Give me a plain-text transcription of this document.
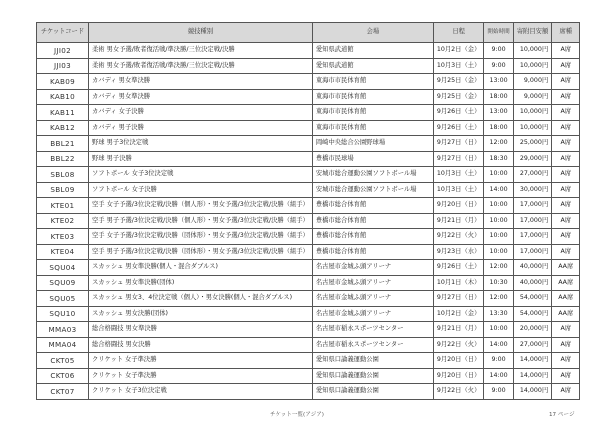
チケットコード	競技種別	会場	日程	開始時間	寄附目安額	席種
JJI02	柔術 男女予選/敗者復活戦/準決勝/三位決定戦/決勝	愛知県武道館	10月2日（金）	9:00	10,000円	A席
JJI03	柔術 男女予選/敗者復活戦/準決勝/三位決定戦/決勝	愛知県武道館	10月3日（土）	9:00	10,000円	A席
KAB09	カバディ 男女準決勝	東海市市民体育館	9月25日（金）	13:00	9,000円	A席
KAB10	カバディ 男女準決勝	東海市市民体育館	9月25日（金）	18:00	9,000円	A席
KAB11	カバディ 女子決勝	東海市市民体育館	9月26日（土）	13:00	10,000円	A席
KAB12	カバディ 男子決勝	東海市市民体育館	9月26日（土）	18:00	10,000円	A席
BBL21	野球 男子3位決定戦	岡崎中央総合公園野球場	9月27日（日）	12:00	25,000円	A席
BBL22	野球 男子決勝	豊橋市民球場	9月27日（日）	18:30	29,000円	A席
SBL08	ソフトボール 女子3位決定戦	安城市総合運動公園ソフトボール場	10月3日（土）	10:00	27,000円	A席
SBL09	ソフトボール 女子決勝	安城市総合運動公園ソフトボール場	10月3日（土）	14:00	30,000円	A席
KTE01	空手 女子予選/3位決定戦/決勝（個人形）・男女予選/3位決定戦/決勝（組手）	豊橋市総合体育館	9月20日（日）	10:00	17,000円	A席
KTE02	空手 男子予選/3位決定戦/決勝（個人形）・男女予選/3位決定戦/決勝（組手）	豊橋市総合体育館	9月21日（月）	10:00	17,000円	A席
KTE03	空手 女子予選/3位決定戦/決勝（団体形）・男女予選/3位決定戦/決勝（組手）	豊橋市総合体育館	9月22日（火）	10:00	17,000円	A席
KTE04	空手 男子予選/3位決定戦/決勝（団体形）・男女予選/3位決定戦/決勝（組手）	豊橋市総合体育館	9月23日（水）	10:00	17,000円	A席
SQU04	スカッシュ 男女準決勝(個人・混合ダブルス)	名古屋市金城ふ頭アリーナ	9月26日（土）	12:00	40,000円	AA席
SQU09	スカッシュ 男女準決勝(団体)	名古屋市金城ふ頭アリーナ	10月1日（木）	10:30	40,000円	AA席
SQU05	スカッシュ 男女3、4位決定戦（個人）・男女決勝(個人・混合ダブルス)	名古屋市金城ふ頭アリーナ	9月27日（日）	12:00	54,000円	AA席
SQU10	スカッシュ 男女決勝(団体)	名古屋市金城ふ頭アリーナ	10月2日（金）	13:30	54,000円	AA席
MMA03	総合格闘技 男女準決勝	名古屋市稲永スポーツセンター	9月21日（月）	10:00	20,000円	A席
MMA04	総合格闘技 男女決勝	名古屋市稲永スポーツセンター	9月22日（火）	14:00	27,000円	A席
CKT05	クリケット 女子準決勝	愛知県口論義運動公園	9月20日（日）	9:00	14,000円	A席
CKT06	クリケット 女子準決勝	愛知県口論義運動公園	9月20日（日）	14:00	14,000円	A席
CKT07	クリケット 女子3位決定戦	愛知県口論義運動公園	9月22日（火）	9:00	14,000円	A席
チケット一覧(アジア)	17 ページ
